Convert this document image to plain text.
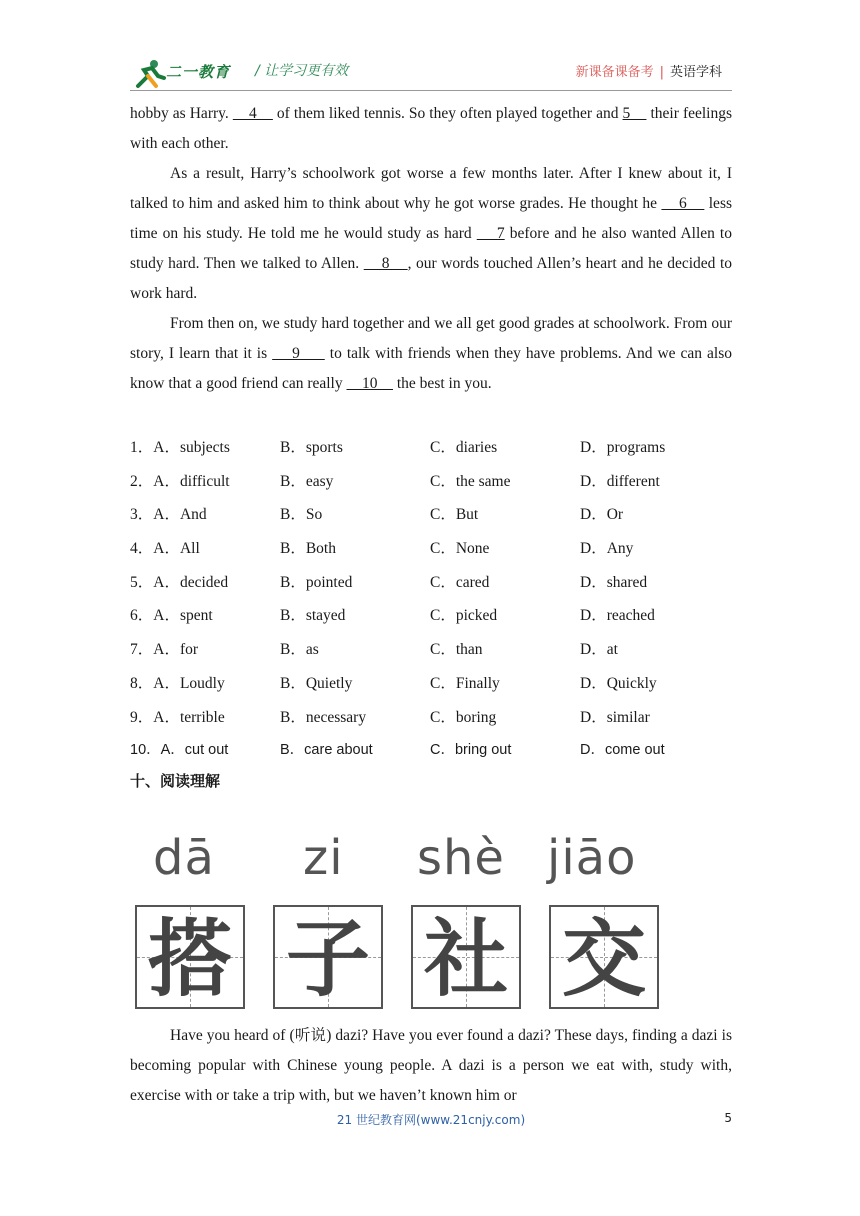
二一教育 / 让学习更有效	新课备课备考 | 英语学科

hobby as Harry.     4     of them liked tennis. So they often played together and 5     their feelings with each other.

As a result, Harry’s schoolwork got worse a few months later. After I knew about it, I talked to him and asked him to think about why he got worse grades. He thought he     6     less time on his study. He told me he would study as hard     7 before and he also wanted Allen to study hard. Then we talked to Allen.     8    , our words touched Allen’s heart and he decided to work hard.

From then on, we study hard together and we all get good grades at schoolwork. From our story, I learn that it is     9      to talk with friends when they have problems. And we can also know that a good friend can really     10     the best in you.

1．A．subjects	B．sports	C．diaries	D．programs
2．A．difficult	B．easy	C．the same	D．different
3．A．And	B．So	C．But	D．Or
4．A．All	B．Both	C．None	D．Any
5．A．decided	B．pointed	C．cared	D．shared
6．A．spent	B．stayed	C．picked	D．reached
7．A．for	B．as	C．than	D．at
8．A．Loudly	B．Quietly	C．Finally	D．Quickly
9．A．terrible	B．necessary	C．boring	D．similar
10．A．cut out	B．care about	C．bring out	D．come out
十、阅读理解
dā zi shè jiāo
搭 子 社 交

Have you heard of (听说) dazi? Have you ever found a dazi? These days, finding a dazi is becoming popular with Chinese young people. A dazi is a person we eat with, study with, exercise with or take a trip with, but we haven’t known him or

21 世纪教育网(www.21cnjy.com)	5
